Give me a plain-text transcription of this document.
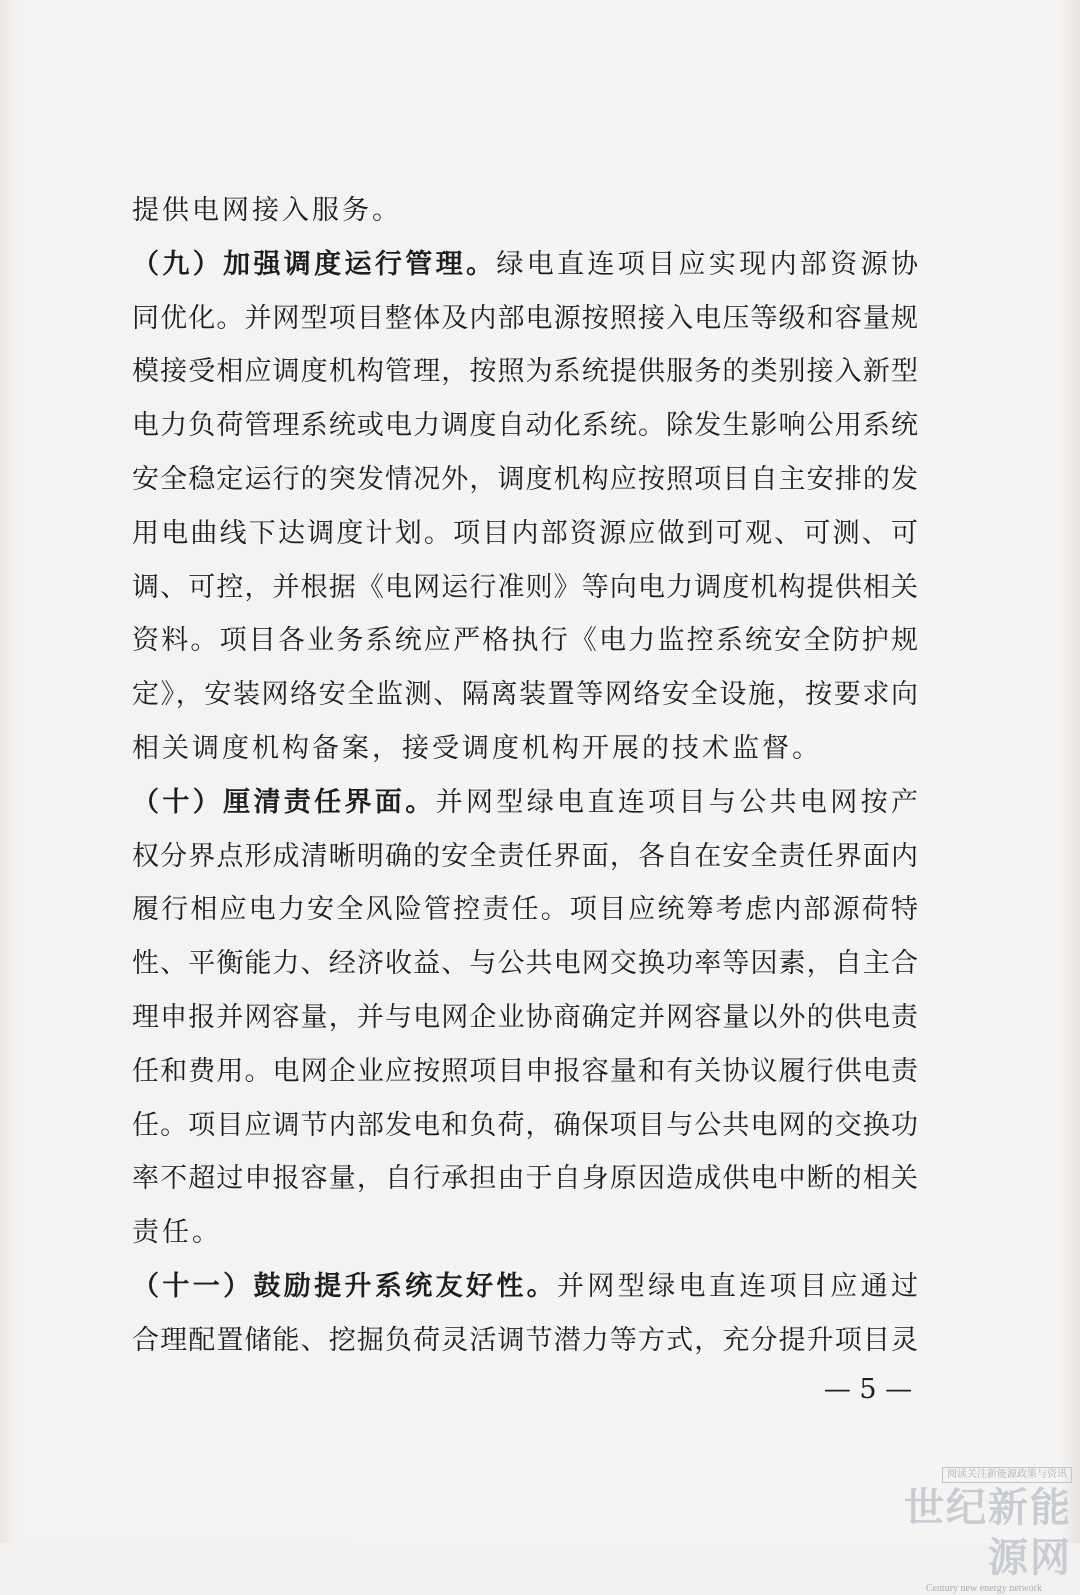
提供电网接入服务。
（九）加强调度运行管理。绿电直连项目应实现内部资源协
同优化。并网型项目整体及内部电源按照接入电压等级和容量规
模接受相应调度机构管理，按照为系统提供服务的类别接入新型
电力负荷管理系统或电力调度自动化系统。除发生影响公用系统
安全稳定运行的突发情况外，调度机构应按照项目自主安排的发
用电曲线下达调度计划。项目内部资源应做到可观、可测、可
调、可控，并根据《电网运行准则》等向电力调度机构提供相关
资料。项目各业务系统应严格执行《电力监控系统安全防护规
定》，安装网络安全监测、隔离装置等网络安全设施，按要求向
相关调度机构备案，接受调度机构开展的技术监督。
（十）厘清责任界面。并网型绿电直连项目与公共电网按产
权分界点形成清晰明确的安全责任界面，各自在安全责任界面内
履行相应电力安全风险管控责任。项目应统筹考虑内部源荷特
性、平衡能力、经济收益、与公共电网交换功率等因素，自主合
理申报并网容量，并与电网企业协商确定并网容量以外的供电责
任和费用。电网企业应按照项目申报容量和有关协议履行供电责
任。项目应调节内部发电和负荷，确保项目与公共电网的交换功
率不超过申报容量，自行承担由于自身原因造成供电中断的相关
责任。
（十一）鼓励提升系统友好性。并网型绿电直连项目应通过
合理配置储能、挖掘负荷灵活调节潜力等方式，充分提升项目灵
— 5 —
阅读关注新能源政策与资讯
世纪新能源网
Century new energy network
